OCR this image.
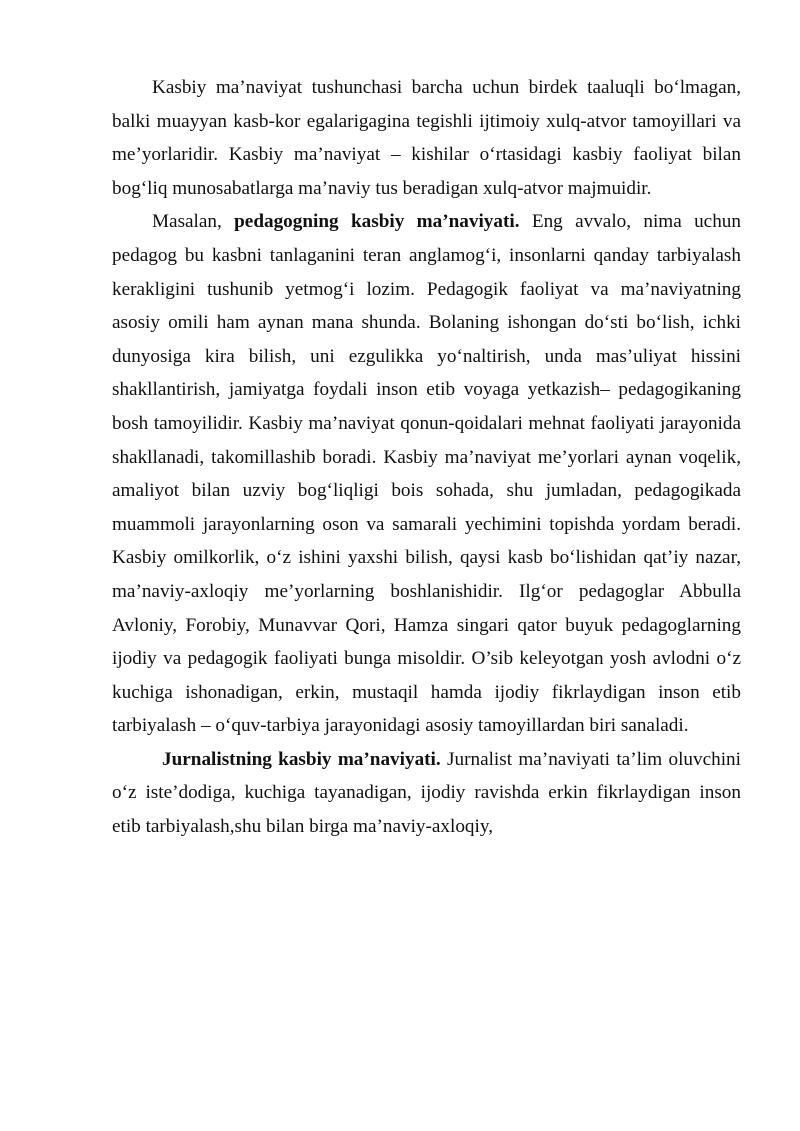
Kasbiy ma’naviyat tushunchasi barcha uchun birdek taaluqli bo‘lmagan, balki muayyan kasb-kor egalarigagina tegishli ijtimoiy xulq-atvor tamoyillari va me’yorlaridir. Kasbiy ma’naviyat – kishilar o‘rtasidagi kasbiy faoliyat bilan bog‘liq munosabatlarga ma’naviy tus beradigan xulq-atvor majmuidir.

Masalan, pedagogning kasbiy ma’naviyati. Eng avvalo, nima uchun pedagog bu kasbni tanlaganini teran anglamog‘i, insonlarni qanday tarbiyalash kerakligini tushunib yetmog‘i lozim. Pedagogik faoliyat va ma’naviyatning asosiy omili ham aynan mana shunda. Bolaning ishongan do‘sti bo‘lish, ichki dunyosiga kira bilish, uni ezgulikka yo‘naltirish, unda mas’uliyat hissini shakllantirish, jamiyatga foydali inson etib voyaga yetkazish– pedagogikaning bosh tamoyilidir. Kasbiy ma’naviyat qonun-qoidalari mehnat faoliyati jarayonida shakllanadi, takomillashib boradi. Kasbiy ma’naviyat me’yorlari aynan voqelik, amaliyot bilan uzviy bog‘liqligi bois sohada, shu jumladan, pedagogikada muammoli jarayonlarning oson va samarali yechimini topishda yordam beradi. Kasbiy omilkorlik, o‘z ishini yaxshi bilish, qaysi kasb bo‘lishidan qat’iy nazar, ma’naviy-axloqiy me’yorlarning boshlanishidir. Ilg‘or pedagoglar Abbulla Avloniy, Forobiy, Munavvar Qori, Hamza singari qator buyuk pedagoglarning ijodiy va pedagogik faoliyati bunga misoldir. O’sib keleyotgan yosh avlodni o‘z kuchiga ishonadigan, erkin, mustaqil hamda ijodiy fikrlaydigan inson etib tarbiyalash – o‘quv-tarbiya jarayonidagi asosiy tamoyillardan biri sanaladi.

Jurnalistning kasbiy ma’naviyati. Jurnalist ma’naviyati ta’lim oluvchini o‘z iste’dodiga, kuchiga tayanadigan, ijodiy ravishda erkin fikrlaydigan inson etib tarbiyalash,shu bilan birga ma’naviy-axloqiy,
